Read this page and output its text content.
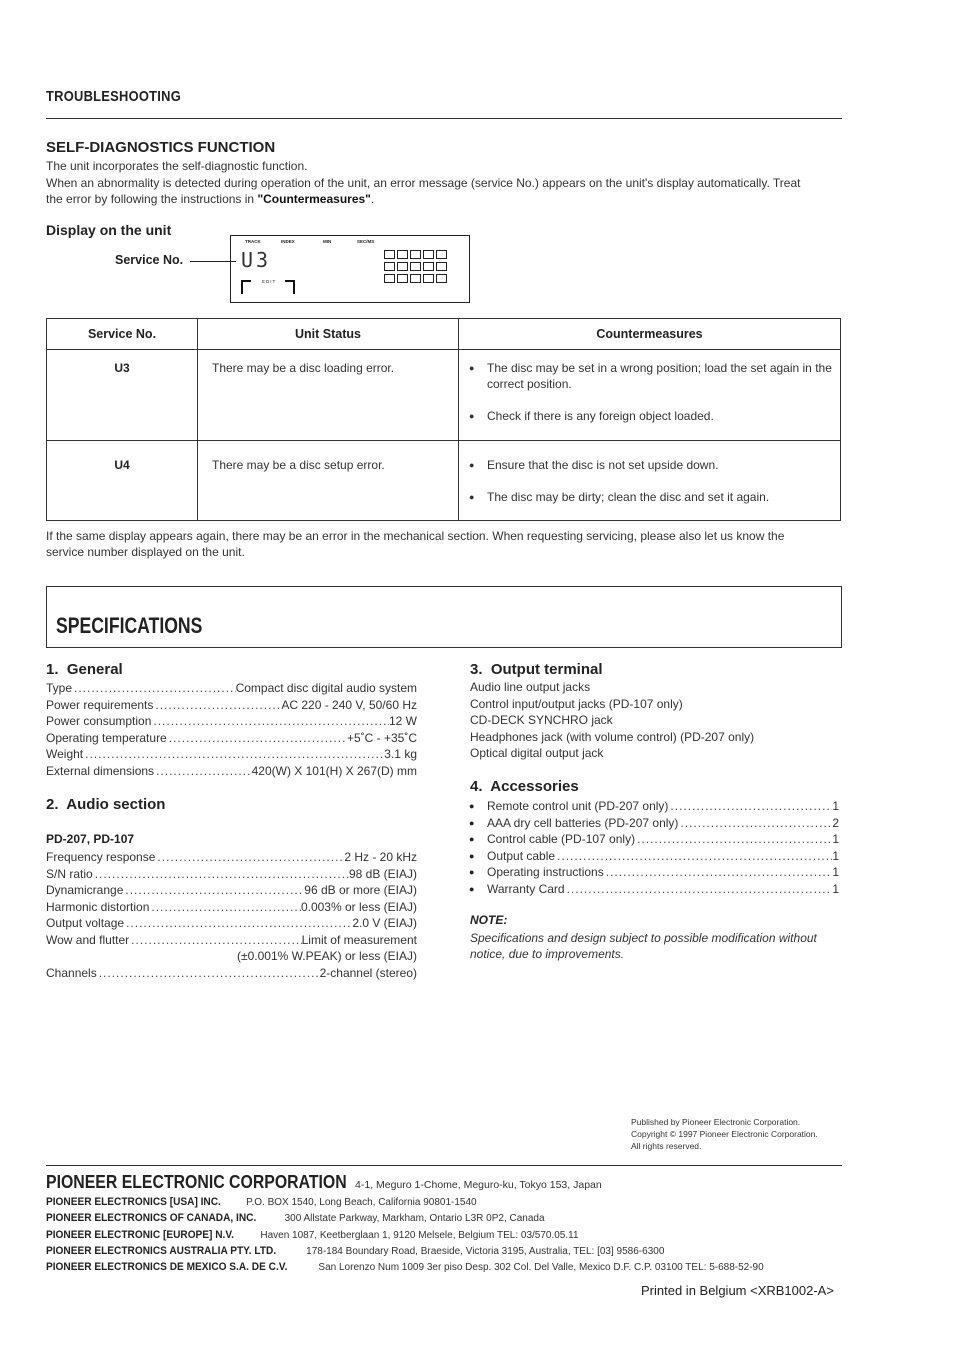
TROUBLESHOOTING
SELF-DIAGNOSTICS FUNCTION
The unit incorporates the self-diagnostic function.
When an abnormality is detected during operation of the unit, an error message (service No.) appears on the unit's display automatically. Treat
the error by following the instructions in "Countermeasures".
Display on the unit
Service No.
TRACK	INDEX	MIN	SEC/MS
U3
EDIT
Service No.	Unit Status	Countermeasures
U3	There may be a disc loading error.	● The disc may be set in a wrong position; load the set again in the correct position.
● Check if there is any foreign object loaded.

U4	There may be a disc setup error.	● Ensure that the disc is not set upside down.
● The disc may be dirty; clean the disc and set it again.
If the same display appears again, there may be an error in the mechanical section. When requesting servicing, please also let us know the
service number displayed on the unit.
SPECIFICATIONS
1.  General
Type .....	Compact disc digital audio system
Power requirements .....	AC 220 - 240 V, 50/60 Hz
Power consumption .....	12 W
Operating temperature .....	+5˚C - +35˚C
Weight .....	3.1 kg
External dimensions .....	420(W) X 101(H) X 267(D) mm
2.  Audio section
PD-207, PD-107
Frequency response .....	2 Hz - 20 kHz
S/N ratio .....	98 dB (EIAJ)
Dynamicrange .....	96 dB or more (EIAJ)
Harmonic distortion .....	0.003% or less (EIAJ)
Output voltage .....	2.0 V (EIAJ)
Wow and flutter .....	Limit of measurement
(±0.001% W.PEAK) or less (EIAJ)
Channels .....	2-channel (stereo)
3.  Output terminal
Audio line output jacks
Control input/output jacks (PD-107 only)
CD-DECK SYNCHRO jack
Headphones jack (with volume control) (PD-207 only)
Optical digital output jack
4.  Accessories
● Remote control unit (PD-207 only) .....	1
● AAA dry cell batteries (PD-207 only) .....	2
● Control cable (PD-107 only) .....	1
● Output cable .....	1
● Operating instructions .....	1
● Warranty Card .....	1
NOTE:
Specifications and design subject to possible modification without
notice, due to improvements.
Published by Pioneer Electronic Corporation.
Copyright © 1997 Pioneer Electronic Corporation.
All rights reserved.
PIONEER ELECTRONIC CORPORATION 4-1, Meguro 1-Chome, Meguro-ku, Tokyo 153, Japan
PIONEER ELECTRONICS [USA] INC.	P.O. BOX 1540, Long Beach, California 90801-1540
PIONEER ELECTRONICS OF CANADA, INC.	300 Allstate Parkway, Markham, Ontario L3R 0P2, Canada
PIONEER ELECTRONIC [EUROPE] N.V.	Haven 1087, Keetberglaan 1, 9120 Melsele, Belgium TEL: 03/570.05.11
PIONEER ELECTRONICS AUSTRALIA PTY. LTD.	178-184 Boundary Road, Braeside, Victoria 3195, Australia, TEL: [03] 9586-6300
PIONEER ELECTRONICS DE MEXICO S.A. DE C.V.	San Lorenzo Num 1009 3er piso Desp. 302 Col. Del Valle, Mexico D.F. C.P. 03100 TEL: 5-688-52-90
Printed in Belgium <XRB1002-A>
